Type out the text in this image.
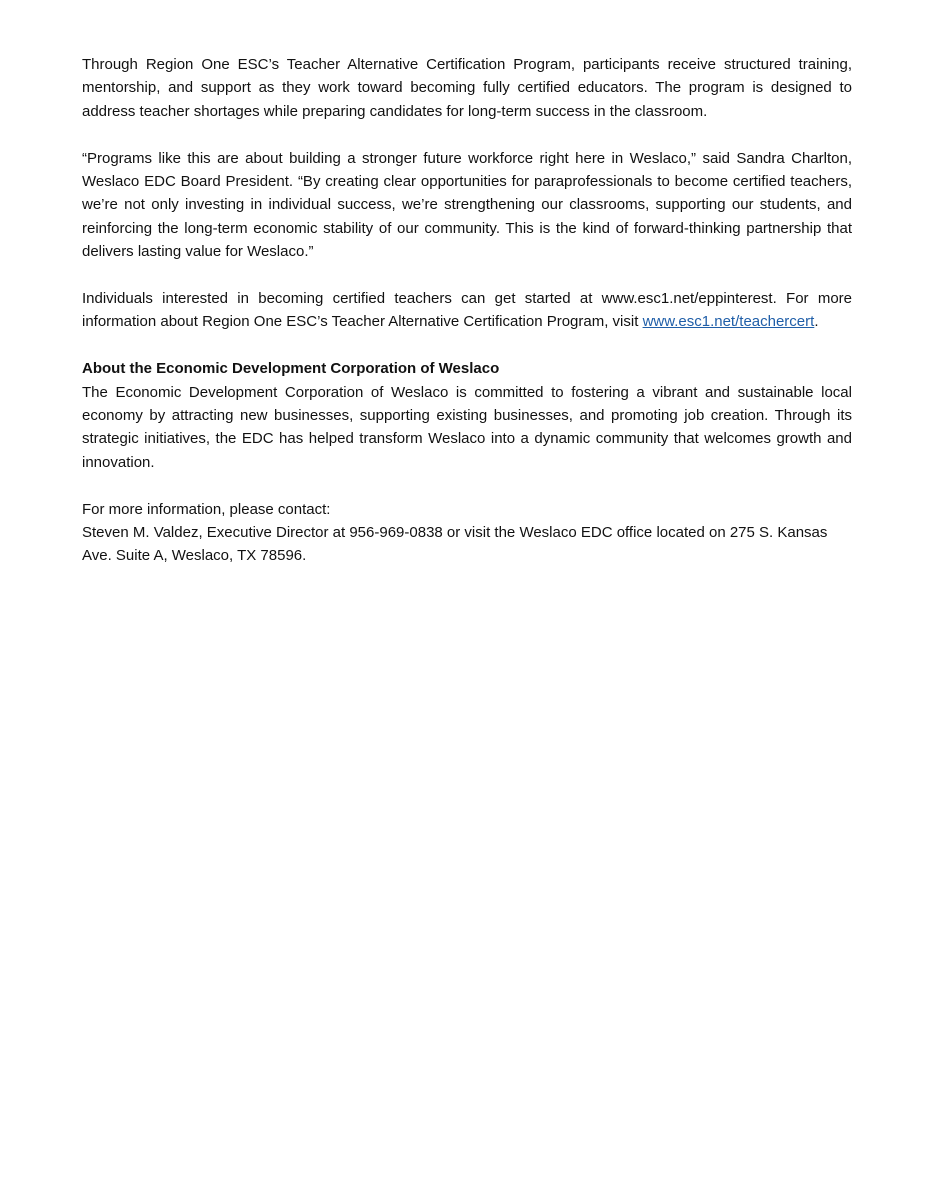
Through Region One ESC’s Teacher Alternative Certification Program, participants receive structured training, mentorship, and support as they work toward becoming fully certified educators. The program is designed to address teacher shortages while preparing candidates for long-term success in the classroom.

“Programs like this are about building a stronger future workforce right here in Weslaco,” said Sandra Charlton, Weslaco EDC Board President. “By creating clear opportunities for paraprofessionals to become certified teachers, we’re not only investing in individual success, we’re strengthening our classrooms, supporting our students, and reinforcing the long-term economic stability of our community. This is the kind of forward-thinking partnership that delivers lasting value for Weslaco.”

Individuals interested in becoming certified teachers can get started at www.esc1.net/eppinterest. For more information about Region One ESC’s Teacher Alternative Certification Program, visit www.esc1.net/teachercert.

About the Economic Development Corporation of Weslaco

The Economic Development Corporation of Weslaco is committed to fostering a vibrant and sustainable local economy by attracting new businesses, supporting existing businesses, and promoting job creation. Through its strategic initiatives, the EDC has helped transform Weslaco into a dynamic community that welcomes growth and innovation.

For more information, please contact:

Steven M. Valdez, Executive Director at 956-969-0838 or visit the Weslaco EDC office located on 275 S. Kansas Ave. Suite A, Weslaco, TX 78596.
